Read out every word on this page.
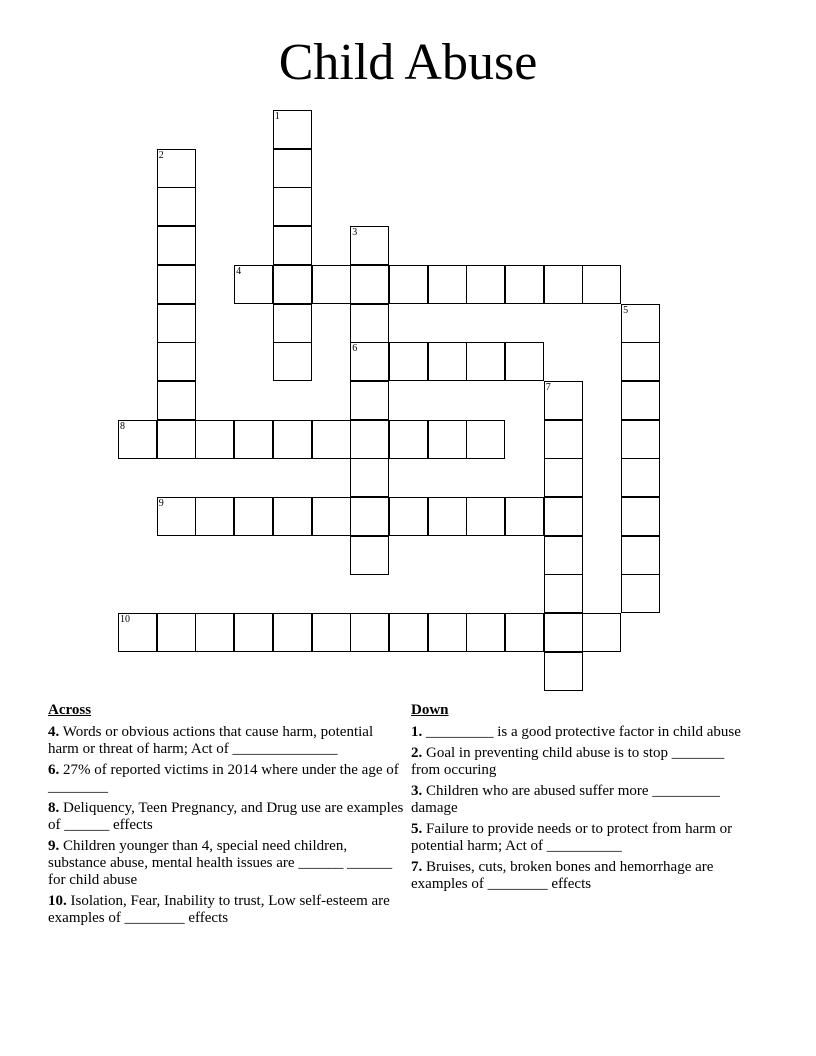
Child Abuse
1
2
3
6
4
5
7
8
9
10
Across
4. Words or obvious actions that cause harm, potential harm or threat of harm; Act of ______________
6. 27% of reported victims in 2014 where under the age of ________
8. Deliquency, Teen Pregnancy, and Drug use are examples of ______ effects
9. Children younger than 4, special need children, substance abuse, mental health issues are ______ ______ for child abuse
10. Isolation, Fear, Inability to trust, Low self-esteem are examples of ________ effects
Down
1. _________ is a good protective factor in child abuse
2. Goal in preventing child abuse is to stop _______ from occuring
3. Children who are abused suffer more _________ damage
5. Failure to provide needs or to protect from harm or potential harm; Act of __________
7. Bruises, cuts, broken bones and hemorrhage are examples of ________ effects
